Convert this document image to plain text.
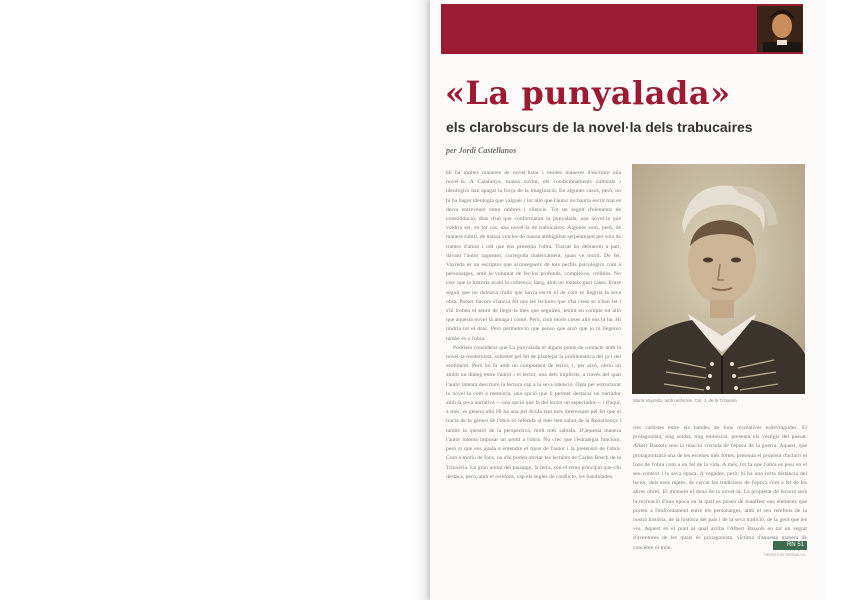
«La punyalada»
els clarobscurs de la novel·la dels trabucaires

per Jordi Castellanos

Hi ha moltes maneres de novel·listar i moltes maneres d'escriure una novel·la. A Catalunya, massa sovint, els condicionaments culturals i ideològics han apagat la força de la imaginació. En algunes casos, però, no hi ha hagut ideologia que valgués i tot allò que l'autor no hauria escrit mai es deixa entreveure entre ombres i silencis. Tot un seguit d'elements de consolidació, dins d'un que conformaran la punyalada, una novel·la que voldria ser, en tot cas, una novel·la de trabucaires. Algunes sons, però, de manera subtil, de massa vincles de massa ambigüitat serpentejant per sota de trames d'amor i odi que ens presenta l'obra. Tractat ho deixarem a part, davant l'autor ragueant, correguda mateixament, quan ve morir. De fet, Vayreda és un escriptor que aconsegueix de tots perfils psicològics com a personatges, amb la voluntat de fer-los profunds, complexos, creïbles. No crec que la història acabi la comença, llarg, amb un mateix gust cases. Entre seguit que no dubtava d'allò que havia escrit ni de com es llegiria la seva obra. Potser llavors s'hauria fet uns les lectures que s'ha creat se n'han fet i s'hi troben el sentit de llegir-la més que seguiren, tenint en compte tot allò que aquesta novel·la amaga i conté. Però, com molts coses allò ens hi ha. Hi tindria tot el drac. Però permetre'm que penso que això que jo hi llegeixo també és a l'obra.

Podríem considerar que La punyalada té alguns punts de contacte amb la novel·la modernista, sobretot pel fet de plantejar la problemàtica del jo i del sentiment. Però ho fa amb un component de terror, i, per això, obriu un ambit un diàleg entre l'autor i el lector, una dels implícits, a través del qual l'autor intenta descriure la lectura cap a la seva intenció. Opta per estructurar la novel·la com a memòria, una opció que li permet destacar un narrador amb la seva narrativa —una opció que fa del lector un espectador— i d'aquí, a més, es genera allò Hi ha una pel·lícula tant més interessant pel fet que el tracta de la gènesi de l'obra és referida al més ben sabut de la Renaixença i també la qüestió de la perspectiva, molt més sabuda. D'aquesta manera l'autor intenta imposar un sentit a l'obra. No crec que l'estratègia funcioni, però sí que ens ajuda a entendre el tipus de l'autor i la pretensió de l'obra. Com a motiu de fons, no s'hi poden obviar les lectures de Carles Bosch de la Trinxeria. La gran unitat del paisatge, la terra, són el tema principal que s'hi destaca, però, amb el rerefons, cap els segles de conflicte, les bandolades.

Marià Vayreda, amb uniforme. Col. J. de la Trinxeria

ries carlistes entre els bandes de fons recreatives esdevingudes. El protagonista, mig soldat, mig emboscat, presenta els vestigis del passat. Albert Bassols sent la reacció viscuda de l'època de la guerra. Aquest, que protagonitzarà una de les escenes més fortes, presenta el propòsit d'aclarir el fons de l'obra com a un fet de la vida. A més, tot fa que l'obra es posi en el seu context i la seva època. A vegades, però, hi ha una certa distància del lector, dels seus reptes, de cercar les tradicions de l'època com a fet de les altres obres. El moment el dona de la novel·la. La propietat de lectura serà la recreació d'una època en la qual es posen de manifest uns elements que porten a l'enfrontament entre els personatges, amb el seu rerefons de la nostra història, de la història del país i de la seva tradició, de la gent que les viu. Aquest és el punt al qual arriba l'Albert Bassols en tot un seguit d'aventures de les quals és protagonista, víctima d'aquesta manera de concebre el món.	RN 51

REVISTA DE GIRONA / 51
